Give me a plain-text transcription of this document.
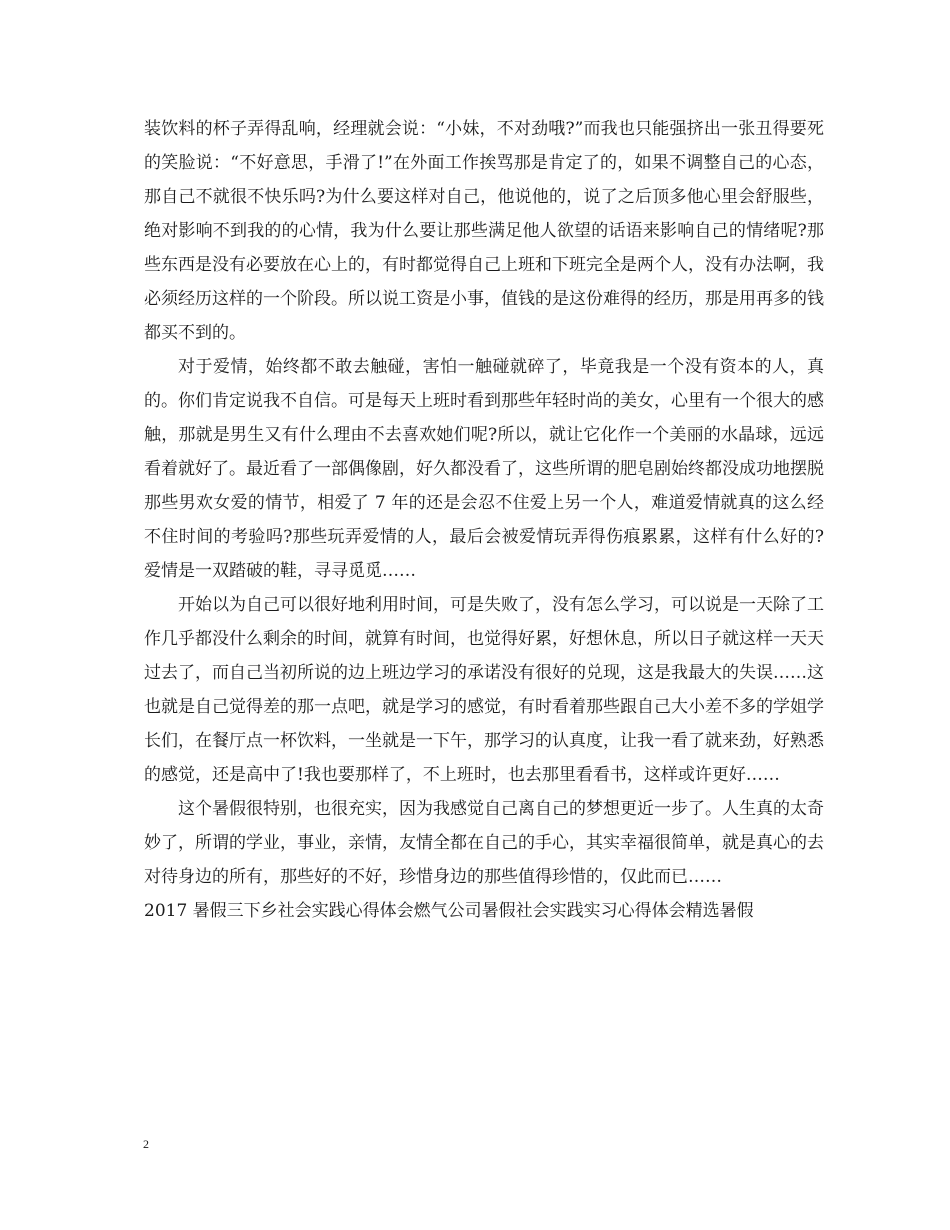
装饮料的杯子弄得乱响，经理就会说：“小妹，不对劲哦?”而我也只能强挤出一张丑得要死的笑脸说：“不好意思，手滑了!”在外面工作挨骂那是肯定了的，如果不调整自己的心态，那自己不就很不快乐吗?为什么要这样对自己，他说他的，说了之后顶多他心里会舒服些，绝对影响不到我的的心情，我为什么要让那些满足他人欲望的话语来影响自己的情绪呢?那些东西是没有必要放在心上的，有时都觉得自己上班和下班完全是两个人，没有办法啊，我必须经历这样的一个阶段。所以说工资是小事，值钱的是这份难得的经历，那是用再多的钱都买不到的。

对于爱情，始终都不敢去触碰，害怕一触碰就碎了，毕竟我是一个没有资本的人，真的。你们肯定说我不自信。可是每天上班时看到那些年轻时尚的美女，心里有一个很大的感触，那就是男生又有什么理由不去喜欢她们呢?所以，就让它化作一个美丽的水晶球，远远看着就好了。最近看了一部偶像剧，好久都没看了，这些所谓的肥皂剧始终都没成功地摆脱那些男欢女爱的情节，相爱了 7 年的还是会忍不住爱上另一个人，难道爱情就真的这么经不住时间的考验吗?那些玩弄爱情的人，最后会被爱情玩弄得伤痕累累，这样有什么好的?爱情是一双踏破的鞋，寻寻觅觅……

开始以为自己可以很好地利用时间，可是失败了，没有怎么学习，可以说是一天除了工作几乎都没什么剩余的时间，就算有时间，也觉得好累，好想休息，所以日子就这样一天天过去了，而自己当初所说的边上班边学习的承诺没有很好的兑现，这是我最大的失误……这也就是自己觉得差的那一点吧，就是学习的感觉，有时看着那些跟自己大小差不多的学姐学长们，在餐厅点一杯饮料，一坐就是一下午，那学习的认真度，让我一看了就来劲，好熟悉的感觉，还是高中了!我也要那样了，不上班时，也去那里看看书，这样或许更好……

这个暑假很特别，也很充实，因为我感觉自己离自己的梦想更近一步了。人生真的太奇妙了，所谓的学业，事业，亲情，友情全都在自己的手心，其实幸福很简单，就是真心的去对待身边的所有，那些好的不好，珍惜身边的那些值得珍惜的，仅此而已……

2017 暑假三下乡社会实践心得体会燃气公司暑假社会实践实习心得体会精选暑假

2
